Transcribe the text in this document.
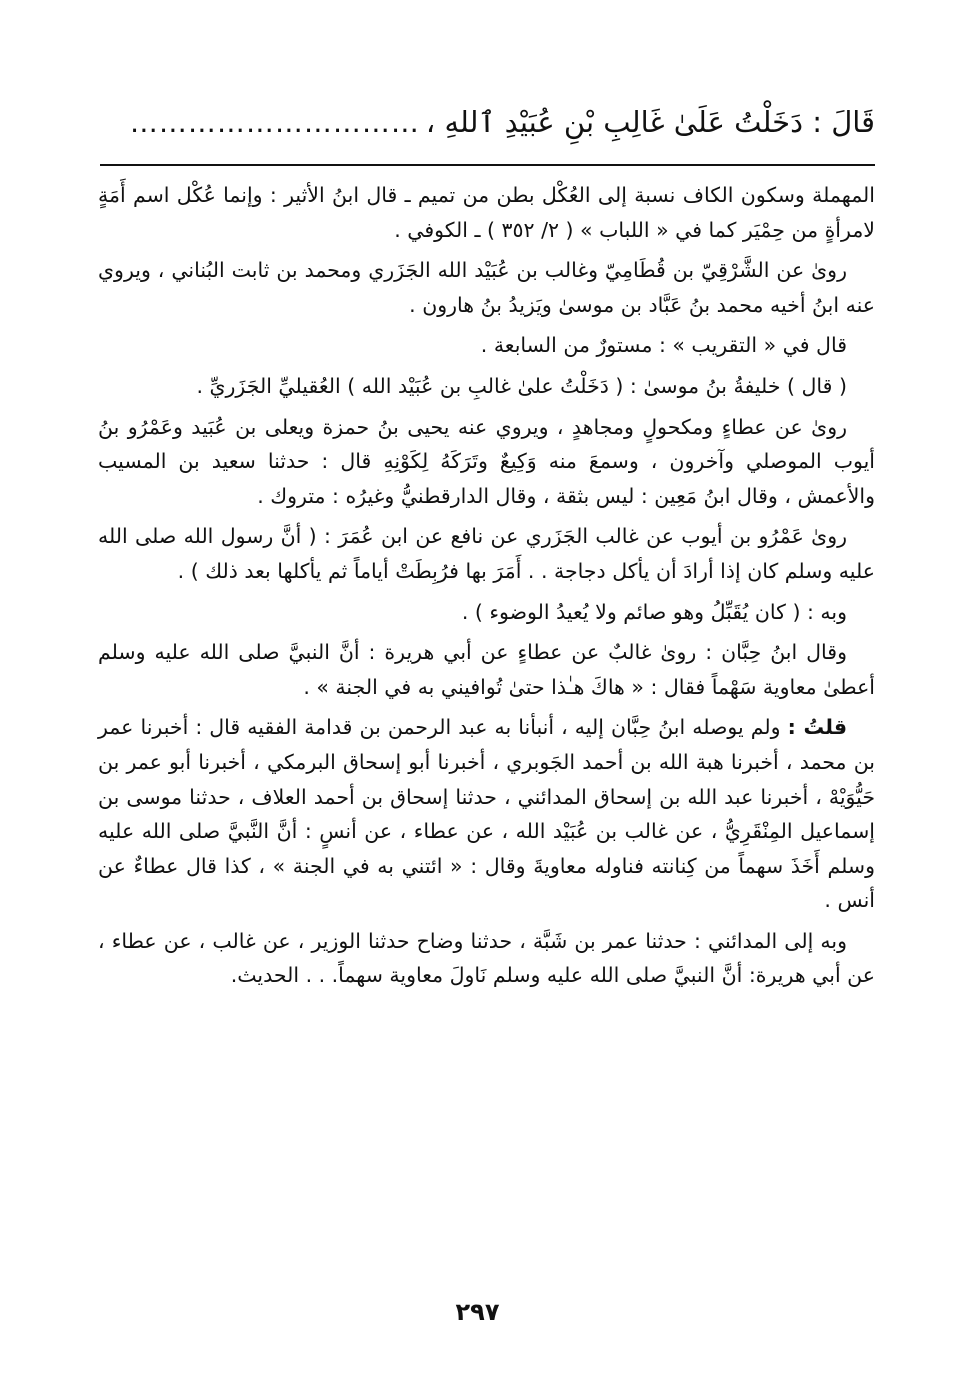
قَالَ : دَخَلْتُ عَلَىٰ غَالِبِ بْنِ عُبَيْدِ ٱللهِ ،
…………………………

المهملة وسكون الكاف نسبة إلى العُكْل بطن من تميم ـ قال ابنُ الأثير : وإنما عُكْل اسم أَمَةٍ لامرأةٍ من حِمْيَر كما في « اللباب » ( ٢/ ٣٥٢ ) ـ الكوفي .

روىٰ عن الشَّرْقِيّ بن قُطَامِيّ وغالب بن عُبَيْد الله الجَزَري ومحمد بن ثابت البُناني ، ويروي عنه ابنُ أخيه محمد بنُ عَبَّاد بن موسىٰ ويَزيدُ بنُ هارون .

قال في « التقريب » : مستورٌ من السابعة .

( قال ) خليفةُ بنُ موسىٰ : ( دَخَلْتُ علىٰ غالبِ بن عُبَيْد الله ) العُقيليِّ الجَزَريِّ .

روىٰ عن عطاءٍ ومكحولٍ ومجاهدٍ ، ويروي عنه يحيى بنُ حمزة ويعلى بن عُبَيد وعَمْرُو بنُ أيوب الموصلي وآخرون ، وسمعَ منه وَكِيعٌ وتَرَكَهُ لِكَوْنِهِ قال : حدثنا سعيد بن المسيب والأعمش ، وقال ابنُ مَعِين : ليس بثقة ، وقال الدارقطنيُّ وغيرُه : متروك .

روىٰ عَمْرُو بن أيوب عن غالب الجَزَري عن نافع عن ابن عُمَرَ : ( أنَّ رسول الله صلى الله عليه وسلم كان إذا أرادَ أن يأكل دجاجة . . أَمَرَ بها فرُبِطَتْ أياماً ثم يأكلها بعد ذلك ) .

وبه : ( كان يُقَبِّلُ وهو صائم ولا يُعيدُ الوضوء ) .

وقال ابنُ حِبَّان : روىٰ غالبٌ عن عطاءٍ عن أبي هريرة : أنَّ النبيَّ صلى الله عليه وسلم أعطىٰ معاوية سَهْماً فقال : « هاكَ هـٰذا حتىٰ تُوافيني به في الجنة » .

قلتُ : ولم يوصله ابنُ حِبَّان إليه ، أنبأنا به عبد الرحمن بن قدامة الفقيه قال : أخبرنا عمر بن محمد ، أخبرنا هبة الله بن أحمد الجَوبري ، أخبرنا أبو إسحاق البرمكي ، أخبرنا أبو عمر بن حَيُّوَيْهْ ، أخبرنا عبد الله بن إسحاق المدائني ، حدثنا إسحاق بن أحمد العلاف ، حدثنا موسى بن إسماعيل المِنْقَرِيُّ ، عن غالب بن عُبَيْد الله ، عن عطاء ، عن أنسٍ : أنَّ النَّبيَّ صلى الله عليه وسلم أَخَذَ سهماً من كِنانته فناوله معاويةَ وقال : « ائتني به في الجنة » ، كذا قال عطاءٌ عن أنس .

وبه إلى المدائني : حدثنا عمر بن شَبَّة ، حدثنا وضاح حدثنا الوزير ، عن غالب ، عن عطاء ، عن أبي هريرة: أنَّ النبيَّ صلى الله عليه وسلم نَاولَ معاوية سهماً. . . الحديث.

٢٩٧
